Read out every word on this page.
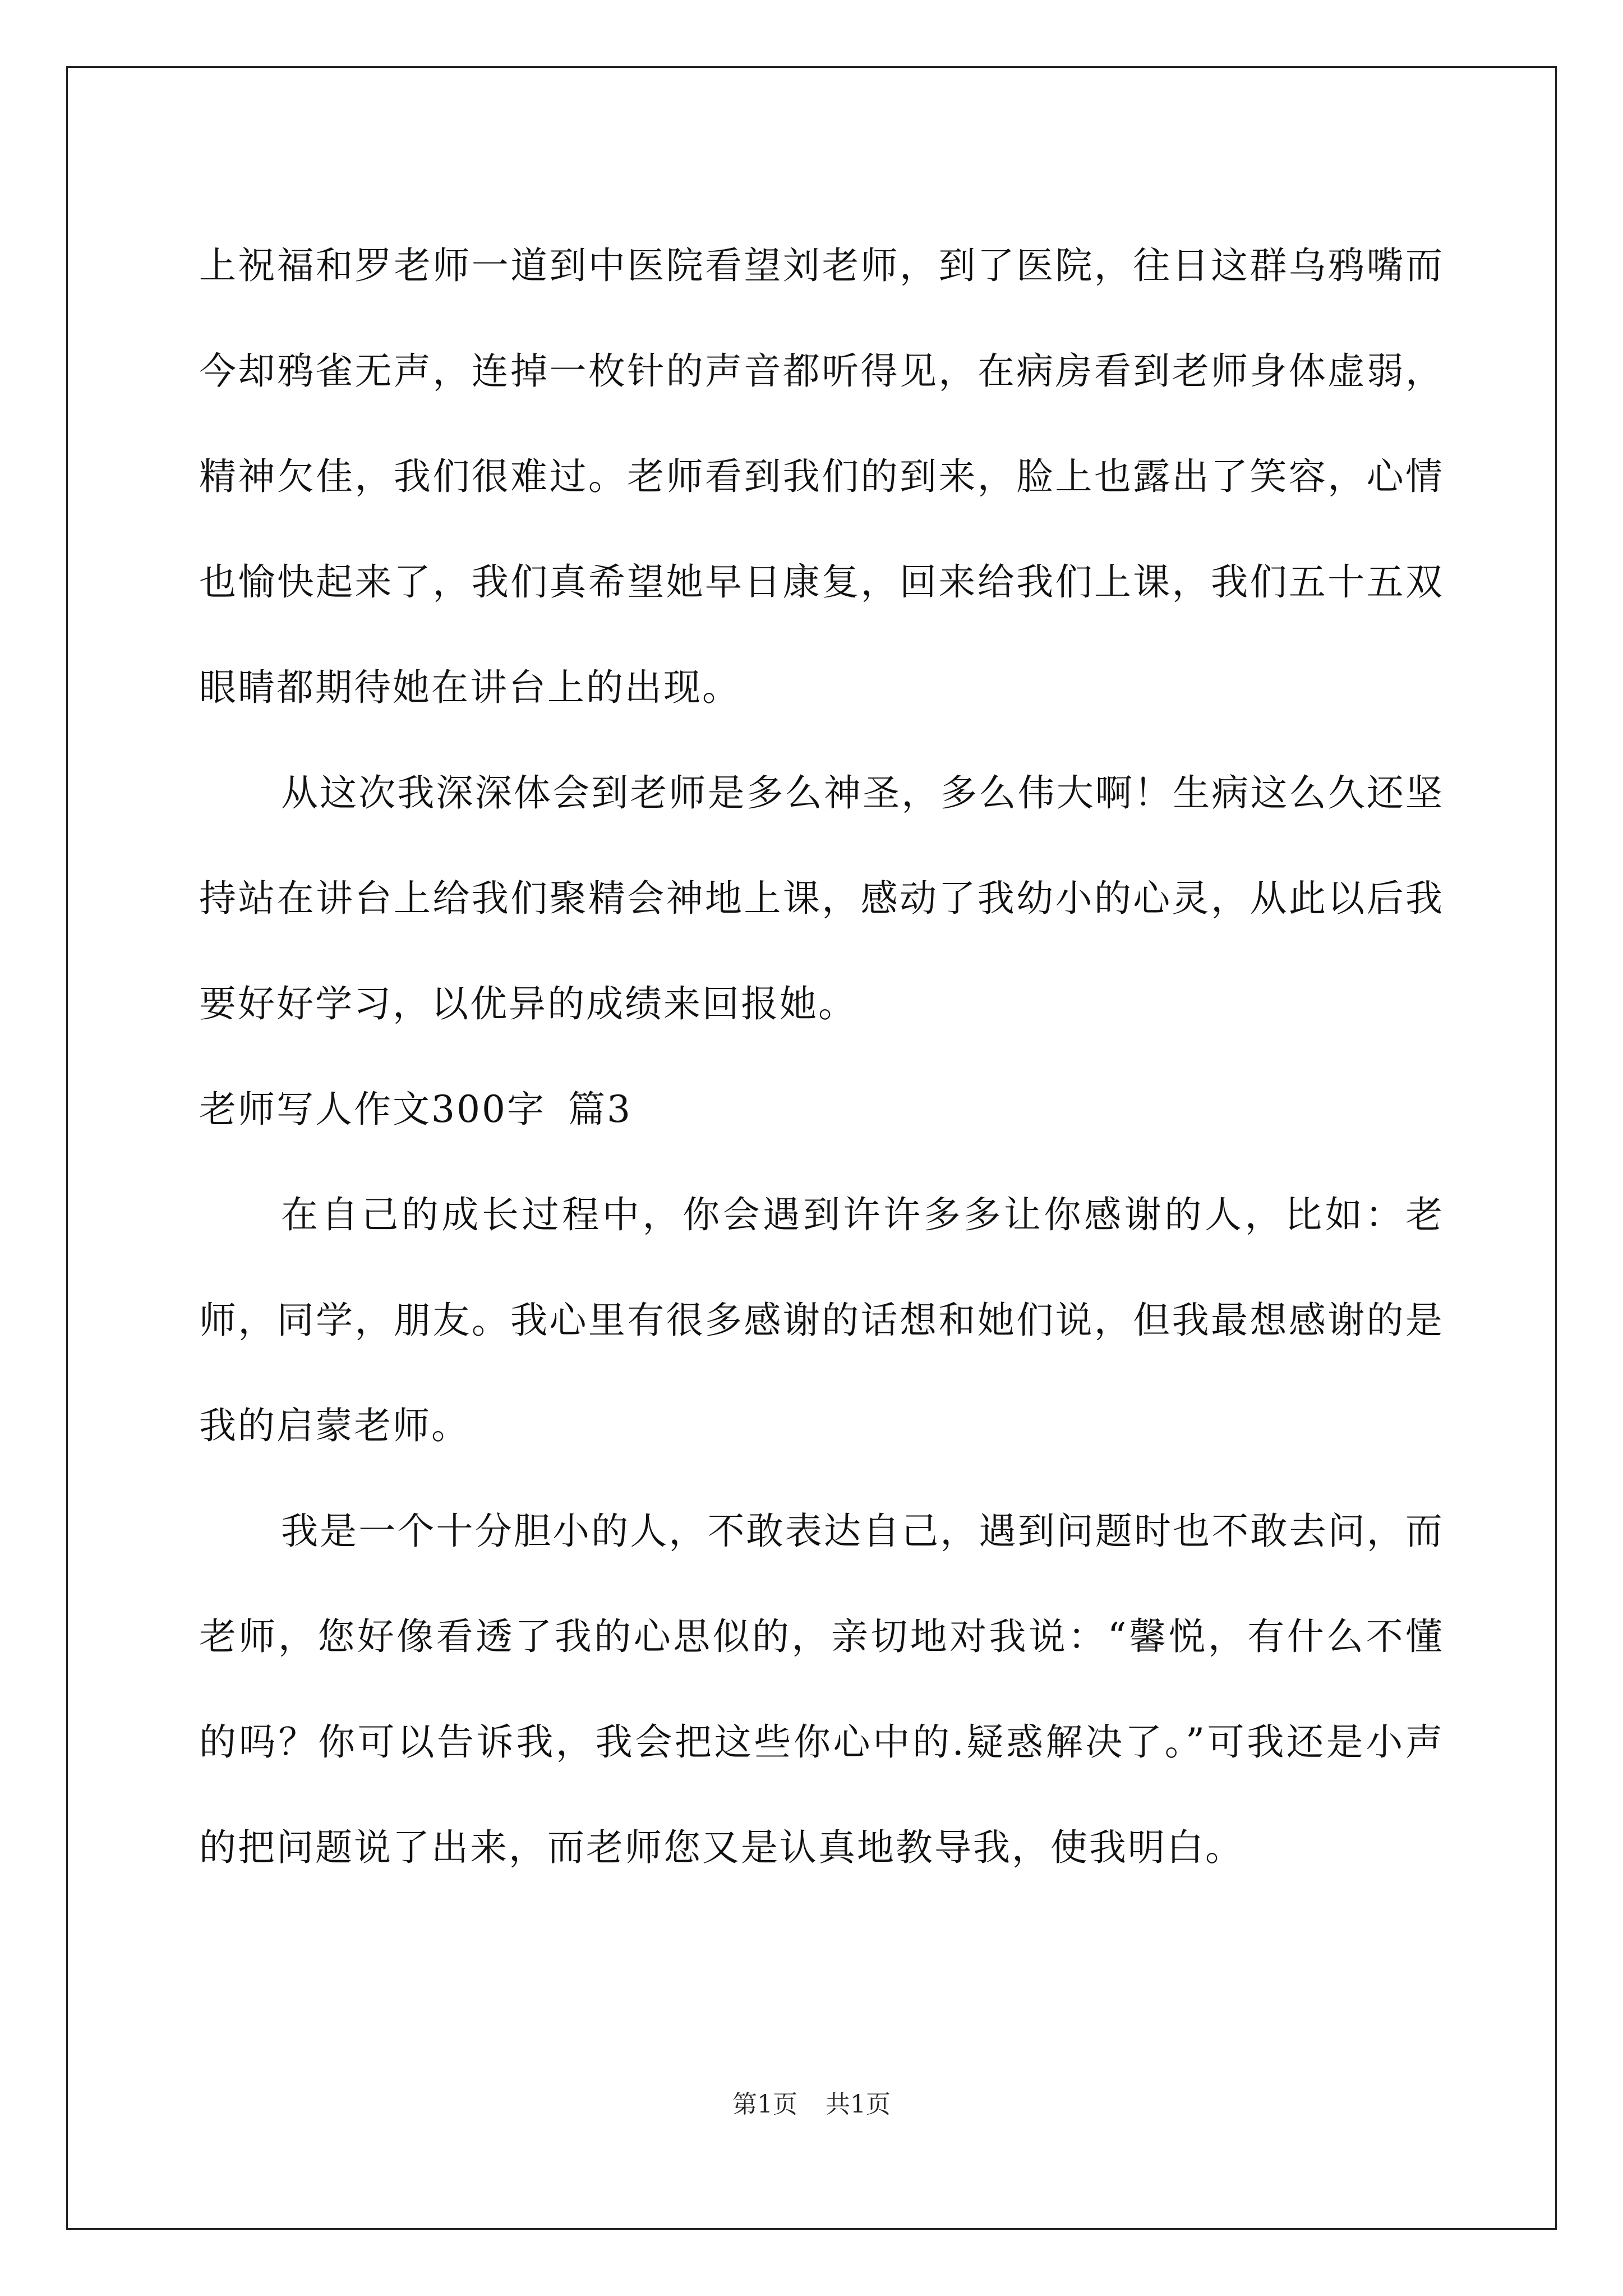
上祝福和罗老师一道到中医院看望刘老师，到了医院，往日这群乌鸦嘴而今却鸦雀无声，连掉一枚针的声音都听得见，在病房看到老师身体虚弱，精神欠佳，我们很难过。老师看到我们的到来，脸上也露出了笑容，心情也愉快起来了，我们真希望她早日康复，回来给我们上课，我们五十五双眼睛都期待她在讲台上的出现。

从这次我深深体会到老师是多么神圣，多么伟大啊！生病这么久还坚持站在讲台上给我们聚精会神地上课，感动了我幼小的心灵，从此以后我要好好学习，以优异的成绩来回报她。

老师写人作文300字 篇3

在自己的成长过程中，你会遇到许许多多让你感谢的人，比如：老师，同学，朋友。我心里有很多感谢的话想和她们说，但我最想感谢的是我的启蒙老师。

我是一个十分胆小的人，不敢表达自己，遇到问题时也不敢去问，而老师，您好像看透了我的心思似的，亲切地对我说：“馨悦，有什么不懂的吗？你可以告诉我，我会把这些你心中的.疑惑解决了。”可我还是小声的把问题说了出来，而老师您又是认真地教导我，使我明白。

第1页 共1页
